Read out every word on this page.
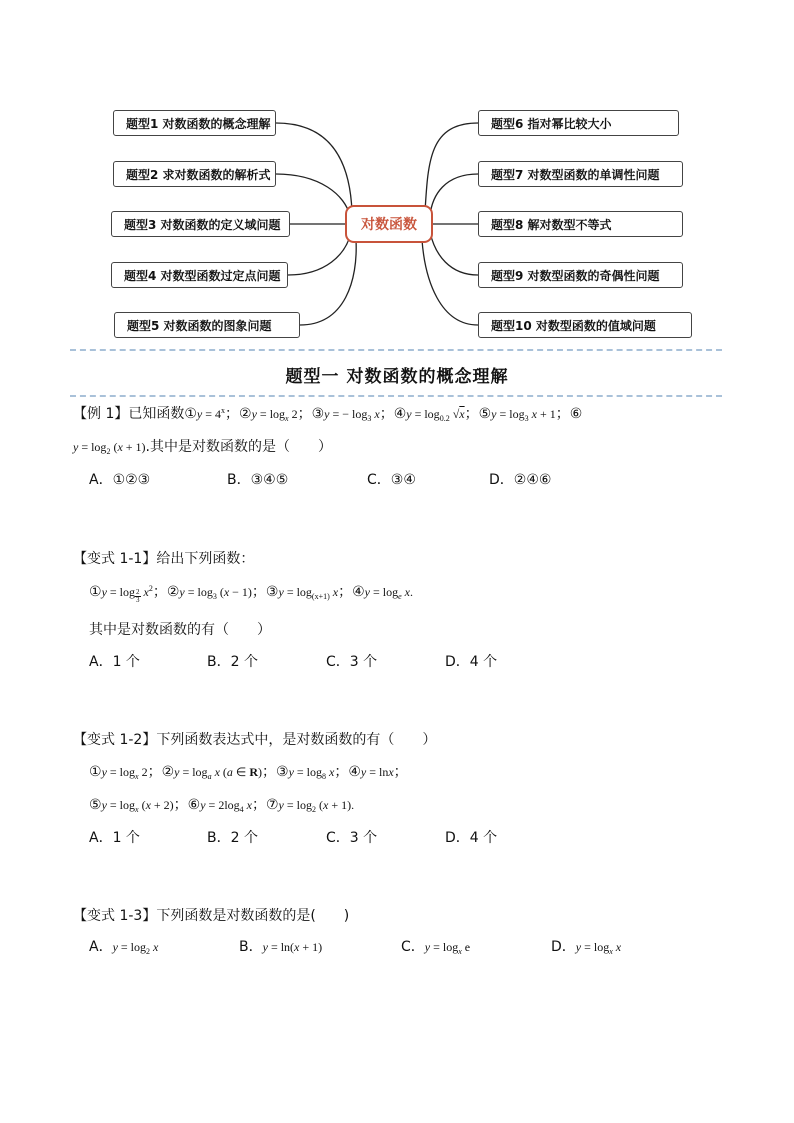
题型1 对数函数的概念理解
题型2 求对数函数的解析式
题型3 对数函数的定义域问题
题型4 对数型函数过定点问题
题型5 对数函数的图象问题
对数函数
题型6 指对幂比较大小
题型7 对数型函数的单调性问题
题型8 解对数型不等式
题型9 对数型函数的奇偶性问题
题型10 对数型函数的值域问题
题型一 对数函数的概念理解
【例 1】已知函数①y = $4^x$；②y = $\log_x 2$；③y = − $\log_3 x$；④y = $\log_{0.2} √x$；⑤y = $\log_3 x + 1$；⑥
$y = \log_2 (x + 1)$.其中是对数函数的是（　　）
A．①②③	B．③④⑤	C．③④	D．②④⑥
【变式 1-1】给出下列函数：
①y = $\log \frac{2}{3} x^2$；②y = $\log_3 (x - 1)$；③y = $\log_{(x+1)} x$；④y = $\log_e x$.
其中是对数函数的有（　　）
A．1 个	B．2 个	C．3 个	D．4 个
【变式 1-2】下列函数表达式中，是对数函数的有（　　）
①y = $\log_x 2$；②y = $\log_a x$ (a ∈ R)；③y = $\log_8 x$；④y = lnx；
⑤y = $\log_x (x + 2)$；⑥y = $2\log_4$ x；⑦y = $\log_2 (x + 1)$.
A．1 个	B．2 个	C．3 个	D．4 个
【变式 1-3】下列函数是对数函数的是(　　)
A．$y = \log_2 x$	B．y = ln(x + 1)	C．$y = \log_x e$	D．$y = \log_x x$
